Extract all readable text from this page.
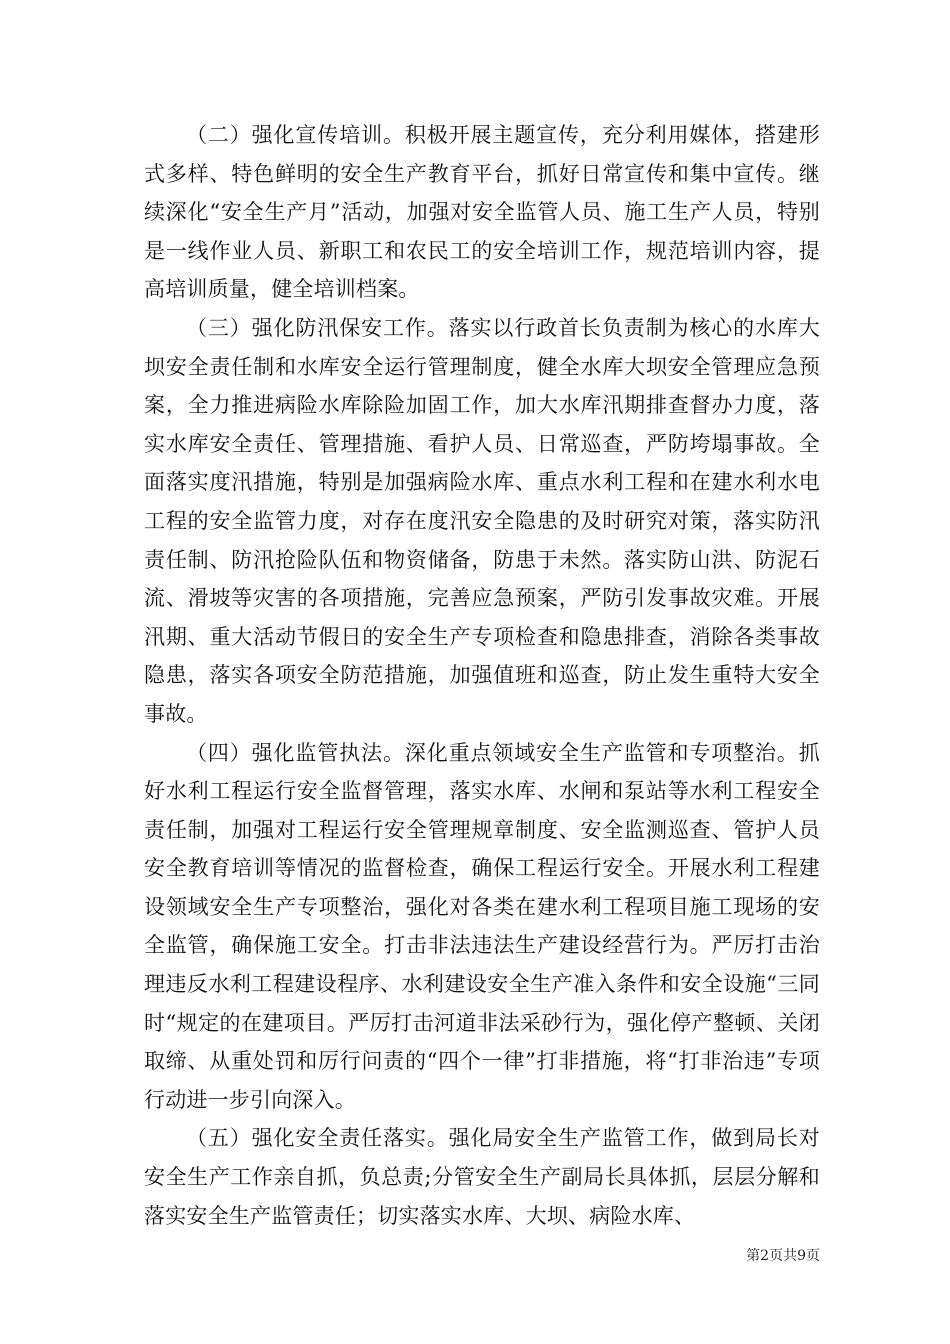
（二）强化宣传培训。积极开展主题宣传，充分利用媒体，搭建形式多样、特色鲜明的安全生产教育平台，抓好日常宣传和集中宣传。继续深化“安全生产月”活动，加强对安全监管人员、施工生产人员，特别是一线作业人员、新职工和农民工的安全培训工作，规范培训内容，提高培训质量，健全培训档案。

（三）强化防汛保安工作。落实以行政首长负责制为核心的水库大坝安全责任制和水库安全运行管理制度，健全水库大坝安全管理应急预案，全力推进病险水库除险加固工作，加大水库汛期排查督办力度，落实水库安全责任、管理措施、看护人员、日常巡查，严防垮塌事故。全面落实度汛措施，特别是加强病险水库、重点水利工程和在建水利水电工程的安全监管力度，对存在度汛安全隐患的及时研究对策，落实防汛责任制、防汛抢险队伍和物资储备，防患于未然。落实防山洪、防泥石流、滑坡等灾害的各项措施，完善应急预案，严防引发事故灾难。开展汛期、重大活动节假日的安全生产专项检查和隐患排查，消除各类事故隐患，落实各项安全防范措施，加强值班和巡查，防止发生重特大安全事故。

（四）强化监管执法。深化重点领域安全生产监管和专项整治。抓好水利工程运行安全监督管理，落实水库、水闸和泵站等水利工程安全责任制，加强对工程运行安全管理规章制度、安全监测巡查、管护人员安全教育培训等情况的监督检查，确保工程运行安全。开展水利工程建设领域安全生产专项整治，强化对各类在建水利工程项目施工现场的安全监管，确保施工安全。打击非法违法生产建设经营行为。严厉打击治理违反水利工程建设程序、水利建设安全生产准入条件和安全设施“三同时“规定的在建项目。严厉打击河道非法采砂行为，强化停产整顿、关闭取缔、从重处罚和厉行问责的“四个一律”打非措施，将“打非治违”专项行动进一步引向深入。

（五）强化安全责任落实。强化局安全生产监管工作，做到局长对安全生产工作亲自抓，负总责;分管安全生产副局长具体抓，层层分解和落实安全生产监管责任；切实落实水库、大坝、病险水库、

第2页共9页
